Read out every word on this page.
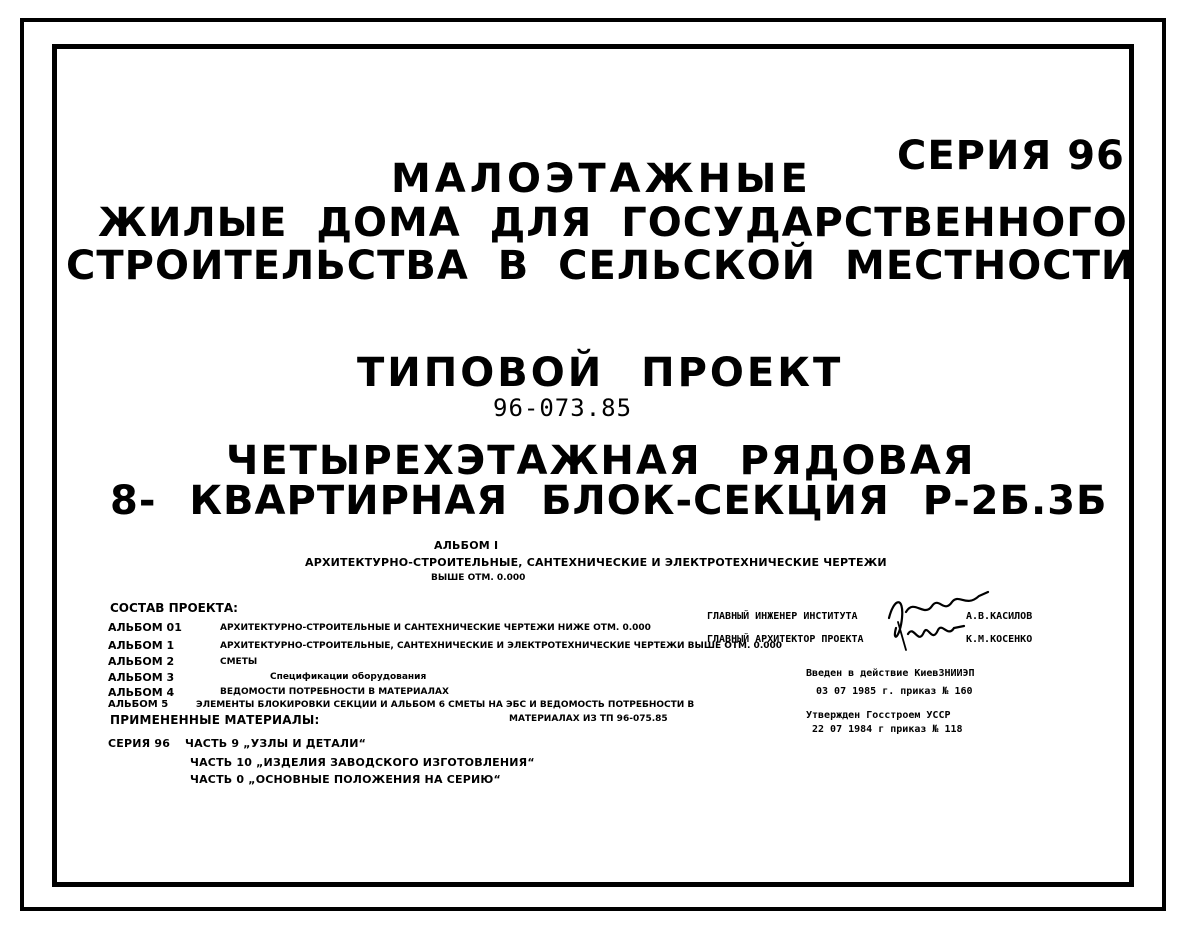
СЕРИЯ 96
МАЛОЭТАЖНЫЕ
ЖИЛЫЕ ДОМА ДЛЯ ГОСУДАРСТВЕННОГО
СТРОИТЕЛЬСТВА В СЕЛЬСКОЙ МЕСТНОСТИ
ТИПОВОЙ ПРОЕКТ
96-073.85
ЧЕТЫРЕХЭТАЖНАЯ РЯДОВАЯ
8- КВАРТИРНАЯ БЛОК-СЕКЦИЯ Р-2Б.3Б
АЛЬБОМ I
АРХИТЕКТУРНО-СТРОИТЕЛЬНЫЕ, САНТЕХНИЧЕСКИЕ И ЭЛЕКТРОТЕХНИЧЕСКИЕ ЧЕРТЕЖИ
ВЫШЕ ОТМ. 0.000
СОСТАВ ПРОЕКТА:
АЛЬБОМ 01	АРХИТЕКТУРНО-СТРОИТЕЛЬНЫЕ И САНТЕХНИЧЕСКИЕ ЧЕРТЕЖИ НИЖЕ ОТМ. 0.000
АЛЬБОМ 1	АРХИТЕКТУРНО-СТРОИТЕЛЬНЫЕ, САНТЕХНИЧЕСКИЕ И ЭЛЕКТРОТЕХНИЧЕСКИЕ ЧЕРТЕЖИ ВЫШЕ ОТМ. 0.000
АЛЬБОМ 2	СМЕТЫ
АЛЬБОМ 3	Спецификации оборудования
АЛЬБОМ 4	ВЕДОМОСТИ ПОТРЕБНОСТИ В МАТЕРИАЛАХ
АЛЬБОМ 5	ЭЛЕМЕНТЫ БЛОКИРОВКИ СЕКЦИИ И АЛЬБОМ 6 СМЕТЫ НА ЭБС И ВЕДОМОСТЬ ПОТРЕБНОСТИ В
МАТЕРИАЛАХ ИЗ ТП 96-075.85
ПРИМЕНЕННЫЕ МАТЕРИАЛЫ:
СЕРИЯ 96 ЧАСТЬ 9 „УЗЛЫ И ДЕТАЛИ“
ЧАСТЬ 10 „ИЗДЕЛИЯ ЗАВОДСКОГО ИЗГОТОВЛЕНИЯ“
ЧАСТЬ 0 „ОСНОВНЫЕ ПОЛОЖЕНИЯ НА СЕРИЮ“
ГЛАВНЫЙ ИНЖЕНЕР ИНСТИТУТА	А.В.КАСИЛОВ
ГЛАВНЫЙ АРХИТЕКТОР ПРОЕКТА	К.М.КОСЕНКО
Введен в действие КиевЗНИИЭП
03 07 1985 г. приказ № 160
Утвержден Госстроем УССР
22 07 1984 г приказ № 118
